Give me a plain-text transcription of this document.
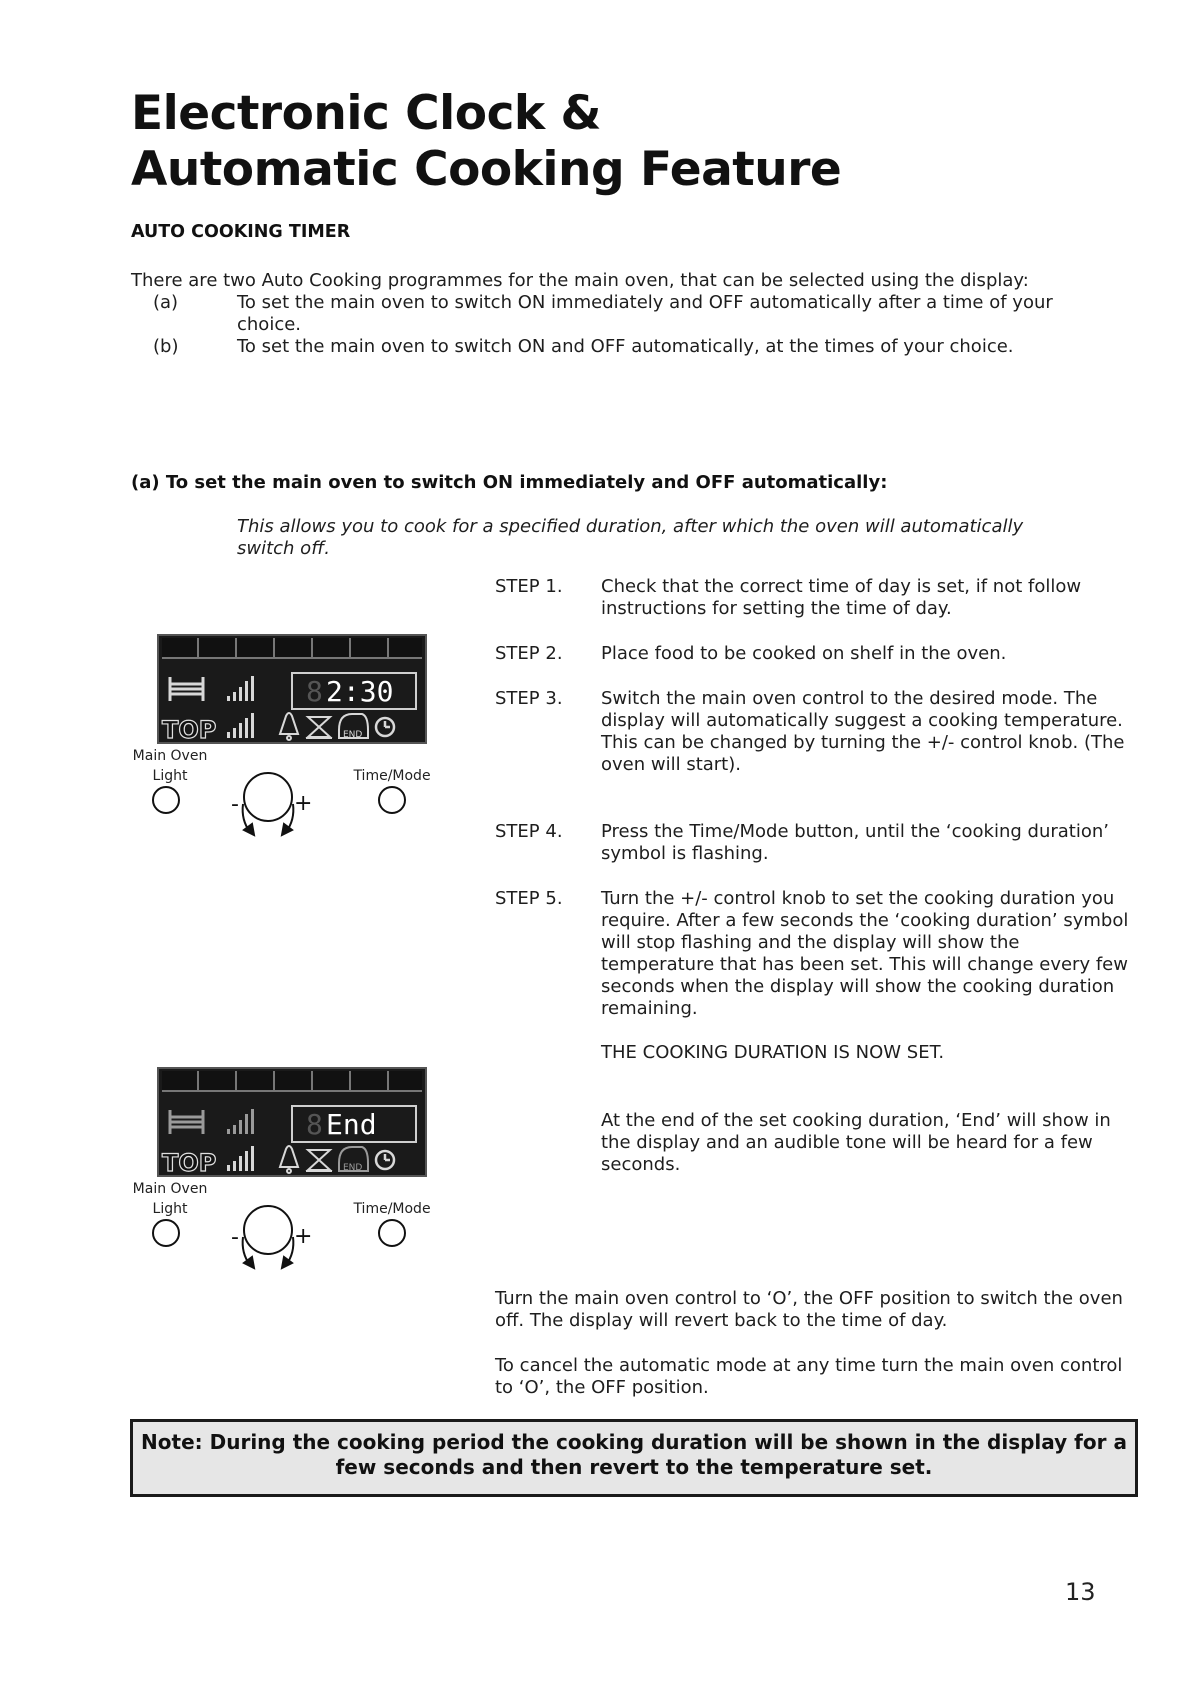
Electronic Clock &
Automatic Cooking Feature
AUTO COOKING TIMER
There are two Auto Cooking programmes for the main oven, that can be selected using the display:
(a)	To set the main oven to switch ON immediately and OFF automatically after a time of your choice.
(b)	To set the main oven to switch ON and OFF automatically, at the times of your choice.
(a) To set the main oven to switch ON immediately and OFF automatically:
This allows you to cook for a specified duration, after which the oven will automatically switch off.
STEP 1. Check that the correct time of day is set, if not follow instructions for setting the time of day.
STEP 2. Place food to be cooked on shelf in the oven.
STEP 3. Switch the main oven control to the desired mode. The display will automatically suggest a cooking temperature. This can be changed by turning the +/- control knob. (The oven will start).
STEP 4. Press the Time/Mode button, until the ‘cooking duration’ symbol is flashing.
STEP 5. Turn the +/- control knob to set the cooking duration you require. After a few seconds the ‘cooking duration’ symbol will stop flashing and the display will show the temperature that has been set. This will change every few seconds when the display will show the cooking duration remaining.
THE COOKING DURATION IS NOW SET.
At the end of the set cooking duration, ‘End’ will show in the display and an audible tone will be heard for a few seconds.
Turn the main oven control to ‘O’, the OFF position to switch the oven off. The display will revert back to the time of day.
To cancel the automatic mode at any time turn the main oven control to ‘O’, the OFF position.
Note: During the cooking period the cooking duration will be shown in the display for a few seconds and then revert to the temperature set.
13
8 2:30
TOP	END
-	+
Main Oven
Light	Time/Mode
8 End
TOP	END
-	+
Main Oven
Light	Time/Mode
